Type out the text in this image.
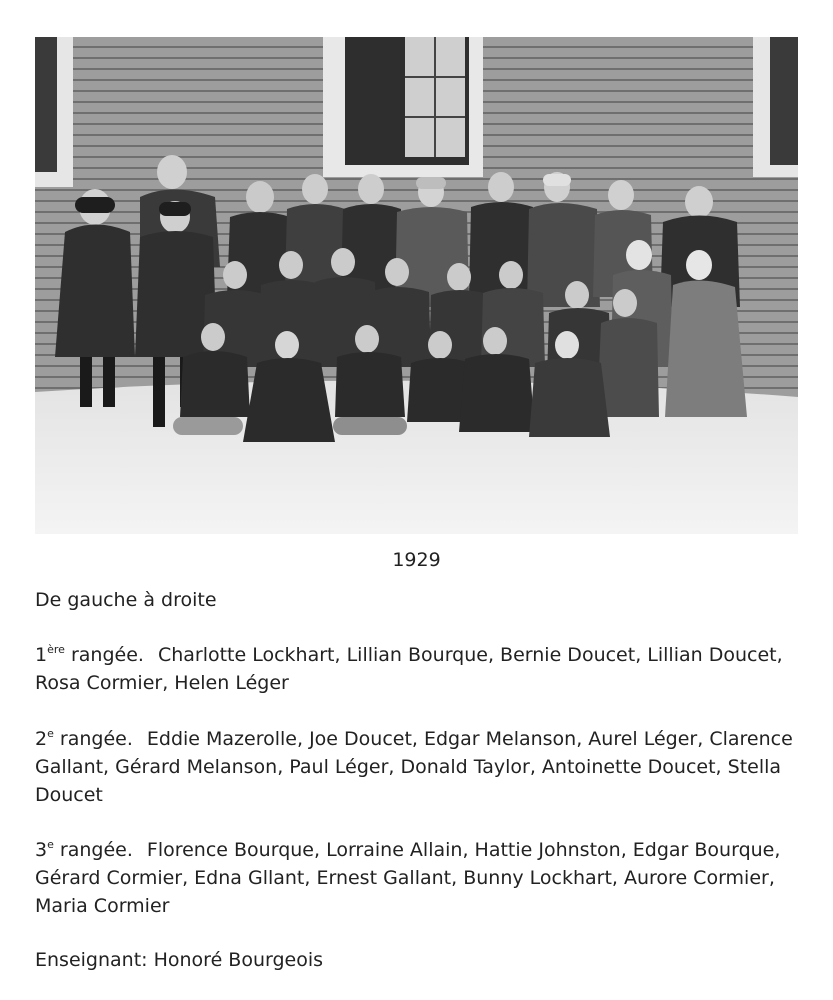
1929
De gauche à droite
1ère rangée. Charlotte Lockhart, Lillian Bourque, Bernie Doucet, Lillian Doucet, Rosa Cormier, Helen Léger
2e rangée. Eddie Mazerolle, Joe Doucet, Edgar Melanson, Aurel Léger, Clarence Gallant, Gérard Melanson, Paul Léger, Donald Taylor, Antoinette Doucet, Stella Doucet
3e rangée. Florence Bourque, Lorraine Allain, Hattie Johnston, Edgar Bourque, Gérard Cormier, Edna Gllant, Ernest Gallant, Bunny Lockhart, Aurore Cormier, Maria Cormier
Enseignant: Honoré Bourgeois
